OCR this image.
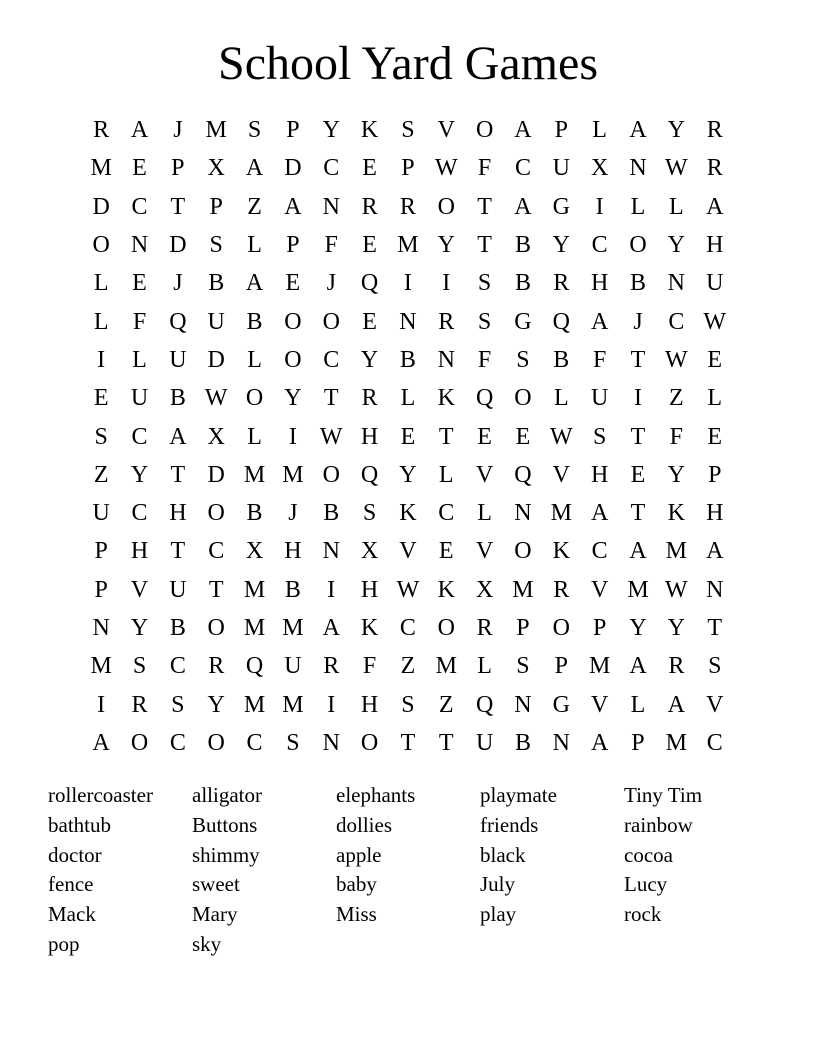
School Yard Games
R	A	J	M	S	P	Y	K	S	V	O	A	P	L	A	Y	R
M	E	P	X	A	D	C	E	P	W	F	C	U	X	N	W	R
D	C	T	P	Z	A	N	R	R	O	T	A	G	I	L	L	A
O	N	D	S	L	P	F	E	M	Y	T	B	Y	C	O	Y	H
L	E	J	B	A	E	J	Q	I	I	S	B	R	H	B	N	U
L	F	Q	U	B	O	O	E	N	R	S	G	Q	A	J	C	W
I	L	U	D	L	O	C	Y	B	N	F	S	B	F	T	W	E
E	U	B	W	O	Y	T	R	L	K	Q	O	L	U	I	Z	L
S	C	A	X	L	I	W	H	E	T	E	E	W	S	T	F	E
Z	Y	T	D	M	M	O	Q	Y	L	V	Q	V	H	E	Y	P
U	C	H	O	B	J	B	S	K	C	L	N	M	A	T	K	H
P	H	T	C	X	H	N	X	V	E	V	O	K	C	A	M	A
P	V	U	T	M	B	I	H	W	K	X	M	R	V	M	W	N
N	Y	B	O	M	M	A	K	C	O	R	P	O	P	Y	Y	T
M	S	C	R	Q	U	R	F	Z	M	L	S	P	M	A	R	S
I	R	S	Y	M	M	I	H	S	Z	Q	N	G	V	L	A	V
A	O	C	O	C	S	N	O	T	T	U	B	N	A	P	M	C
rollercoaster	alligator	elephants	playmate	Tiny Tim
bathtub	Buttons	dollies	friends	rainbow
doctor	shimmy	apple	black	cocoa
fence	sweet	baby	July	Lucy
Mack	Mary	Miss	play	rock
pop	sky
